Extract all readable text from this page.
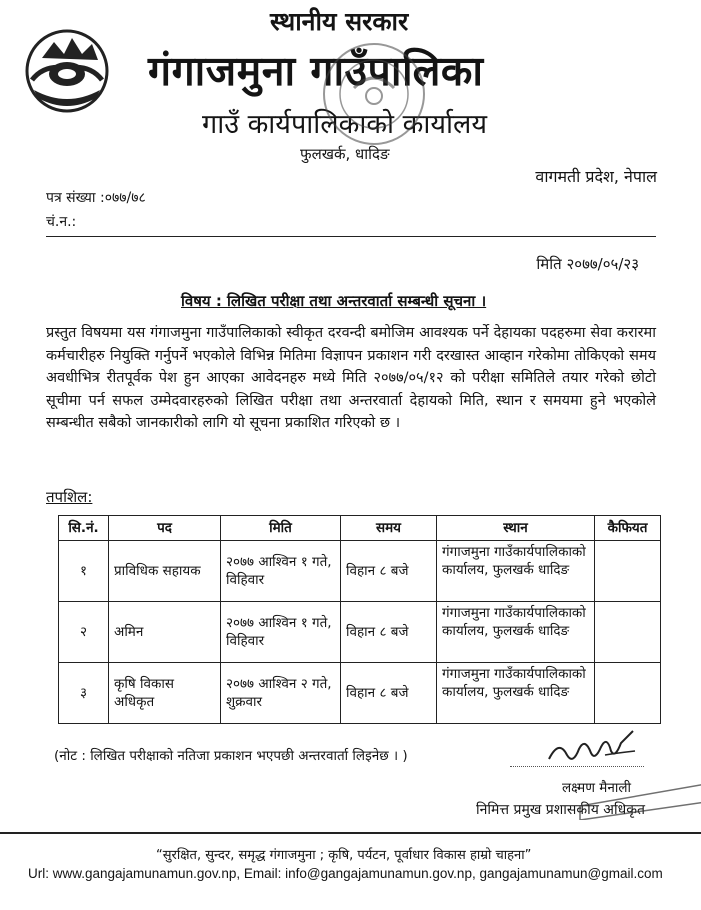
स्थानीय सरकार
गंगाजमुना गाउँपालिका
गाउँ कार्यपालिकाको कार्यालय
फुलखर्क, धादिङ
वागमती प्रदेश, नेपाल
पत्र संख्या :०७७/७८
चं.न.:
मिति २०७७/०५/२३
विषय : लिखित परीक्षा तथा अन्तरवार्ता सम्बन्धी सूचना ।

प्रस्तुत विषयमा यस गंगाजमुना गाउँपालिकाको स्वीकृत दरवन्दी बमोजिम आवश्यक पर्ने देहायका पदहरुमा सेवा करारमा कर्मचारीहरु नियुक्ति गर्नुपर्ने भएकोले विभिन्न मितिमा विज्ञापन प्रकाशन गरी दरखास्त आव्हान गरेकोमा तोकिएको समय अवधीभित्र रीतपूर्वक पेश हुन आएका आवेदनहरु मध्ये मिति २०७७/०५/१२ को परीक्षा समितिले तयार गरेको छोटो सूचीमा पर्न सफल उम्मेदवारहरुको लिखित परीक्षा तथा अन्तरवार्ता देहायको मिति, स्थान र समयमा हुने भएकोले सम्बन्धीत सबैको जानकारीको लागि यो सूचना प्रकाशित गरिएको छ ।

तपशिल:
सि.नं.	पद	मिति	समय	स्थान	कैफियत
१	प्राविधिक सहायक	२०७७ आश्विन १ गते, विहिवार	विहान ८ बजे	गंगाजमुना गाउँकार्यपालिकाको कार्यालय, फुलखर्क धादिङ	
२	अमिन	२०७७ आश्विन १ गते, विहिवार	विहान ८ बजे	गंगाजमुना गाउँकार्यपालिकाको कार्यालय, फुलखर्क धादिङ	
३	कृषि विकास अधिकृत	२०७७ आश्विन २ गते, शुक्रवार	विहान ८ बजे	गंगाजमुना गाउँकार्यपालिकाको कार्यालय, फुलखर्क धादिङ	
(नोट : लिखित परीक्षाको नतिजा प्रकाशन भएपछी अन्तरवार्ता लिइनेछ । )
लक्ष्मण मैनाली
निमित्त प्रमुख प्रशासकीय अधिकृत
“सुरक्षित, सुन्दर, समृद्ध गंगाजमुना ; कृषि, पर्यटन, पूर्वाधार विकास हाम्रो चाहना”
Url: www.gangajamunamun.gov.np, Email: info@gangajamunamun.gov.np, gangajamunamun@gmail.com
